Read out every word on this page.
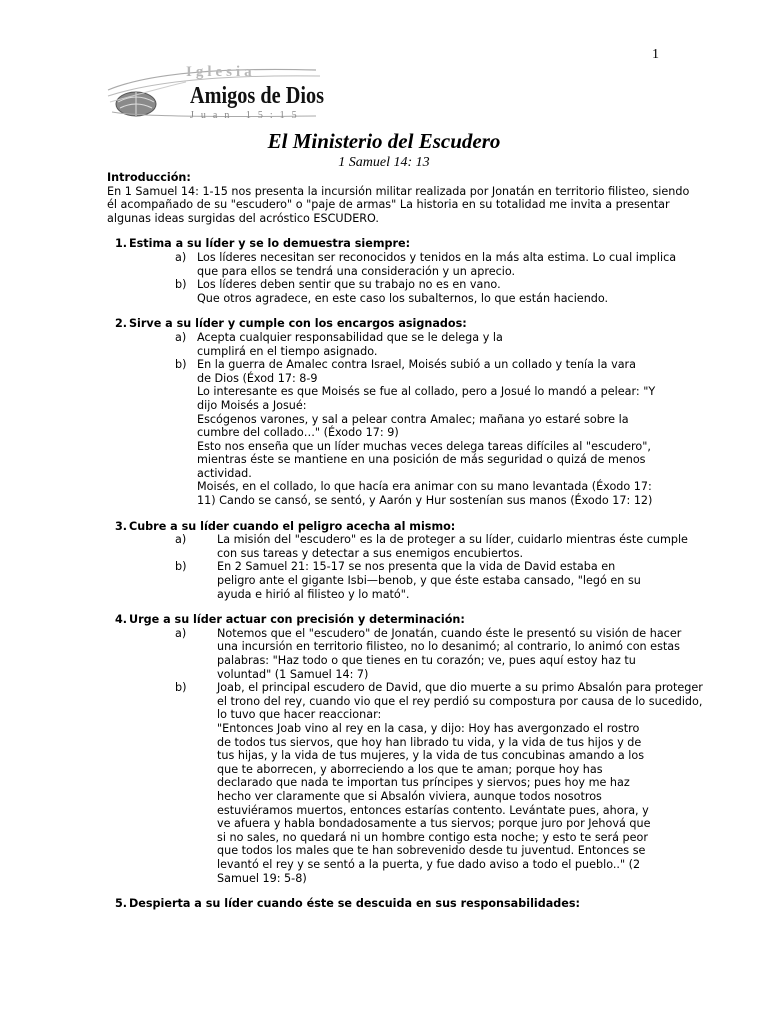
1
Iglesia
Amigos de Dios
Juan 15:15
El Ministerio del Escudero
1 Samuel 14: 13
Introducción:
En 1 Samuel 14: 1-15 nos presenta la incursión militar realizada por Jonatán en territorio filisteo, siendo
él acompañado de su "escudero" o "paje de armas" La historia en su totalidad me invita a presentar
algunas ideas surgidas del acróstico ESCUDERO.
1. Estima a su líder y se lo demuestra siempre:
a) Los líderes necesitan ser reconocidos y tenidos en la más alta estima. Lo cual implica
que para ellos se tendrá una consideración y un aprecio.
b) Los líderes deben sentir que su trabajo no es en vano.
Que otros agradece, en este caso los subalternos, lo que están haciendo.
2. Sirve a su líder y cumple con los encargos asignados:
a) Acepta cualquier responsabilidad que se le delega y la
cumplirá en el tiempo asignado.
b) En la guerra de Amalec contra Israel, Moisés subió a un collado y tenía la vara
de Dios (Éxod 17: 8-9
Lo interesante es que Moisés se fue al collado, pero a Josué lo mandó a pelear: "Y
dijo Moisés a Josué:
Escógenos varones, y sal a pelear contra Amalec; mañana yo estaré sobre la
cumbre del collado…" (Éxodo 17: 9)
Esto nos enseña que un líder muchas veces delega tareas difíciles al "escudero",
mientras éste se mantiene en una posición de más seguridad o quizá de menos
actividad.
Moisés, en el collado, lo que hacía era animar con su mano levantada (Éxodo 17:
11) Cando se cansó, se sentó, y Aarón y Hur sostenían sus manos (Éxodo 17: 12)
3. Cubre a su líder cuando el peligro acecha al mismo:
a)	La misión del "escudero" es la de proteger a su líder, cuidarlo mientras éste cumple
con sus tareas y detectar a sus enemigos encubiertos.
b)	En 2 Samuel 21: 15-17 se nos presenta que la vida de David estaba en
peligro ante el gigante Isbi—benob, y que éste estaba cansado, "legó en su
ayuda e hirió al filisteo y lo mató".
4. Urge a su líder actuar con precisión y determinación:
a)	Notemos que el "escudero" de Jonatán, cuando éste le presentó su visión de hacer
una incursión en territorio filisteo, no lo desanimó; al contrario, lo animó con estas
palabras: "Haz todo o que tienes en tu corazón; ve, pues aquí estoy haz tu
voluntad" (1 Samuel 14: 7)
b)	Joab, el principal escudero de David, que dio muerte a su primo Absalón para proteger
el trono del rey, cuando vio que el rey perdió su compostura por causa de lo sucedido,
lo tuvo que hacer reaccionar:
"Entonces Joab vino al rey en la casa, y dijo: Hoy has avergonzado el rostro
de todos tus siervos, que hoy han librado tu vida, y la vida de tus hijos y de
tus hijas, y la vida de tus mujeres, y la vida de tus concubinas amando a los
que te aborrecen, y aborreciendo a los que te aman; porque hoy has
declarado que nada te importan tus príncipes y siervos; pues hoy me haz
hecho ver claramente que si Absalón viviera, aunque todos nosotros
estuviéramos muertos, entonces estarías contento. Levántate pues, ahora, y
ve afuera y habla bondadosamente a tus siervos; porque juro por Jehová que
si no sales, no quedará ni un hombre contigo esta noche; y esto te será peor
que todos los males que te han sobrevenido desde tu juventud. Entonces se
levantó el rey y se sentó a la puerta, y fue dado aviso a todo el pueblo.." (2
Samuel 19: 5-8)
5. Despierta a su líder cuando éste se descuida en sus responsabilidades:
